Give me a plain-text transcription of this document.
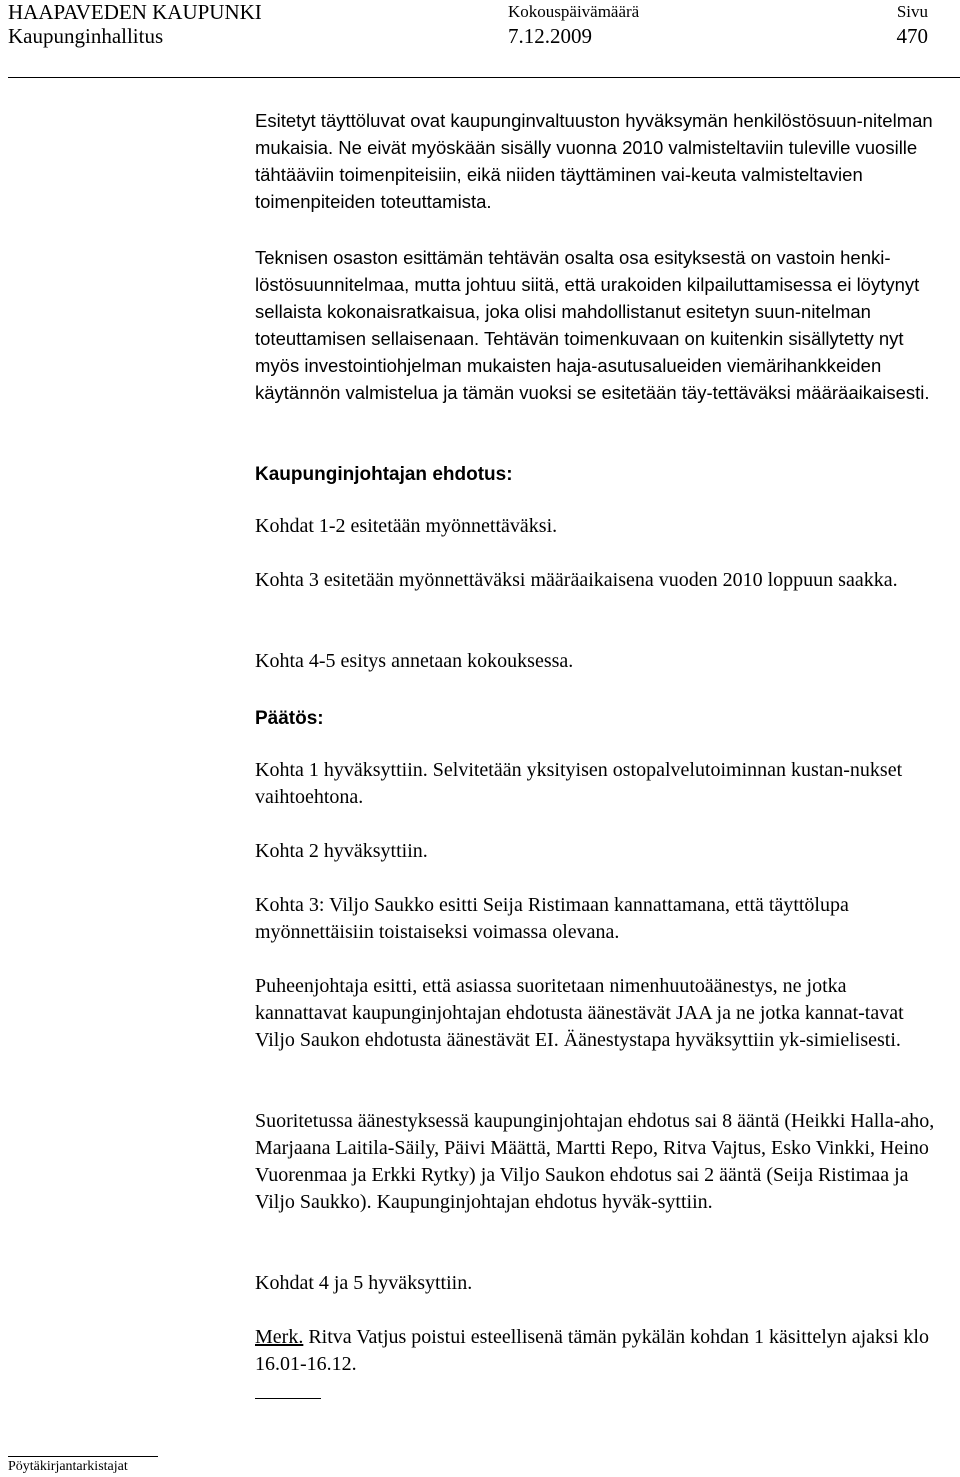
HAAPAVEDEN KAUPUNKI
Kaupunginhallitus
Kokouspäivämäärä
7.12.2009
Sivu
470
Esitetyt täyttöluvat ovat kaupunginvaltuuston hyväksymän henkilöstösuun-nitelman mukaisia. Ne eivät myöskään sisälly vuonna 2010 valmisteltaviin tuleville vuosille tähtääviin toimenpiteisiin, eikä niiden täyttäminen vai-keuta valmisteltavien toimenpiteiden toteuttamista.
Teknisen osaston esittämän tehtävän osalta osa esityksestä on vastoin henki-löstösuunnitelmaa, mutta johtuu siitä, että urakoiden kilpailuttamisessa ei löytynyt sellaista kokonaisratkaisua, joka olisi mahdollistanut esitetyn suun-nitelman toteuttamisen sellaisenaan. Tehtävän toimenkuvaan on kuitenkin sisällytetty nyt myös investointiohjelman mukaisten haja-asutusalueiden viemärihankkeiden käytännön valmistelua ja tämän vuoksi se esitetään täy-tettäväksi määräaikaisesti.
Kaupunginjohtajan ehdotus:
Kohdat 1-2 esitetään myönnettäväksi.
Kohta 3 esitetään myönnettäväksi määräaikaisena vuoden 2010 loppuun saakka.
Kohta 4-5 esitys annetaan kokouksessa.
Päätös:
Kohta 1 hyväksyttiin. Selvitetään yksityisen ostopalvelutoiminnan kustan-nukset vaihtoehtona.
Kohta 2 hyväksyttiin.
Kohta 3: Viljo Saukko esitti Seija Ristimaan kannattamana, että täyttölupa myönnettäisiin toistaiseksi voimassa olevana.
Puheenjohtaja esitti, että asiassa suoritetaan nimenhuutoäänestys, ne jotka kannattavat kaupunginjohtajan ehdotusta äänestävät JAA ja ne jotka kannat-tavat Viljo Saukon ehdotusta äänestävät EI. Äänestystapa hyväksyttiin yk-simielisesti.
Suoritetussa äänestyksessä kaupunginjohtajan ehdotus sai 8 ääntä (Heikki Halla-aho, Marjaana Laitila-Säily, Päivi Määttä, Martti Repo, Ritva Vajtus, Esko Vinkki, Heino Vuorenmaa ja Erkki Rytky) ja Viljo Saukon ehdotus sai 2 ääntä (Seija Ristimaa ja Viljo Saukko). Kaupunginjohtajan ehdotus hyväk-syttiin.
Kohdat 4 ja 5 hyväksyttiin.
Merk. Ritva Vatjus poistui esteellisenä tämän pykälän kohdan 1 käsittelyn ajaksi klo 16.01-16.12.
Pöytäkirjantarkistajat
